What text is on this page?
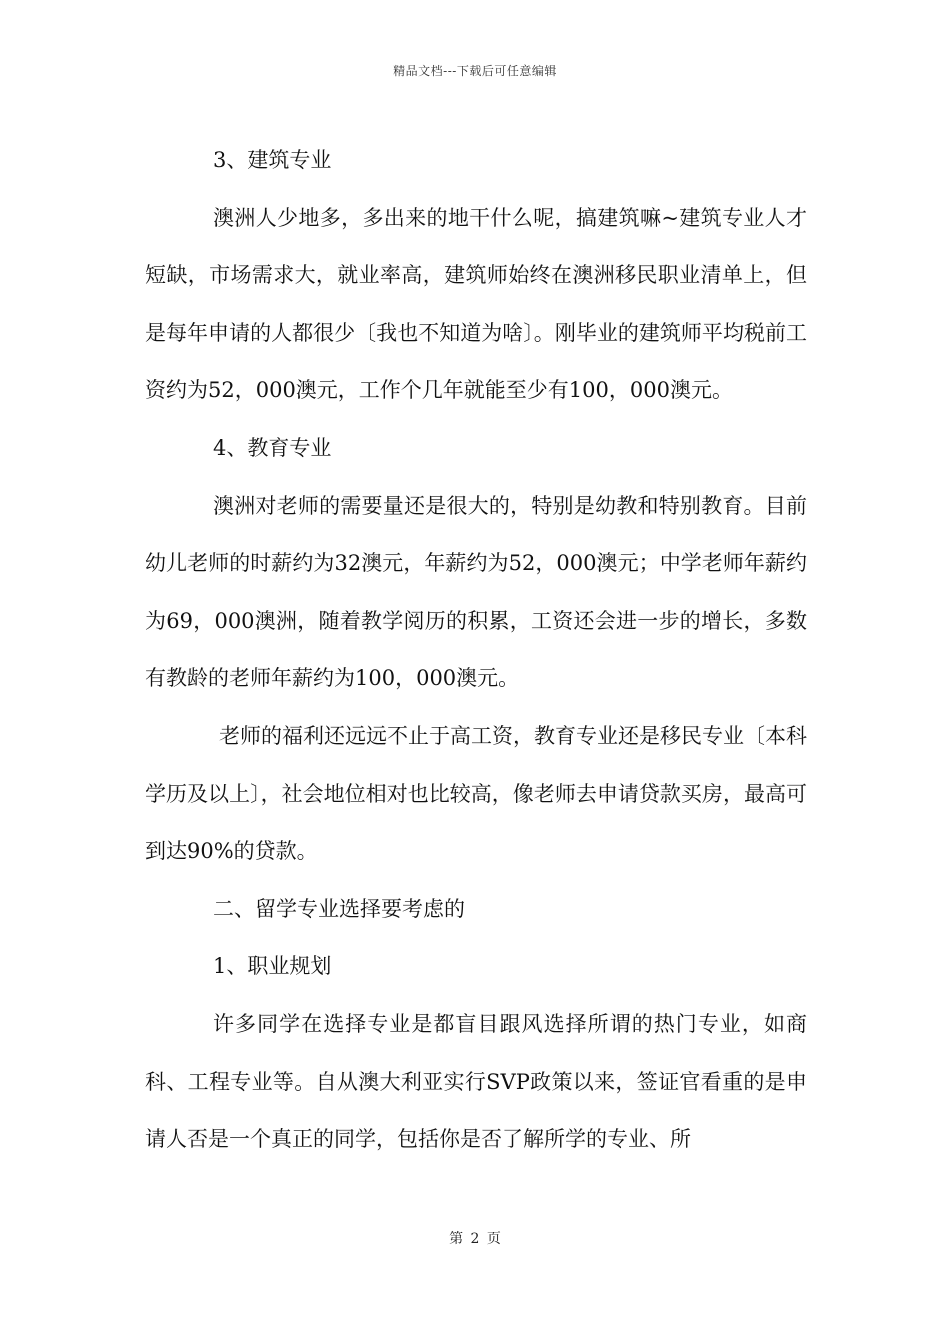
精品文档---下载后可任意编辑

3、建筑专业

澳洲人少地多，多出来的地干什么呢，搞建筑嘛~建筑专业人才短缺，市场需求大，就业率高，建筑师始终在澳洲移民职业清单上，但是每年申请的人都很少〔我也不知道为啥〕。刚毕业的建筑师平均税前工资约为52，000澳元，工作个几年就能至少有100，000澳元。

4、教育专业

澳洲对老师的需要量还是很大的，特别是幼教和特别教育。目前幼儿老师的时薪约为32澳元，年薪约为52，000澳元；中学老师年薪约为69，000澳洲，随着教学阅历的积累，工资还会进一步的增长，多数有教龄的老师年薪约为100，000澳元。

老师的福利还远远不止于高工资，教育专业还是移民专业〔本科学历及以上〕，社会地位相对也比较高，像老师去申请贷款买房，最高可到达90%的贷款。

二、留学专业选择要考虑的

1、职业规划

许多同学在选择专业是都盲目跟风选择所谓的热门专业，如商科、工程专业等。自从澳大利亚实行SVP政策以来，签证官看重的是申请人否是一个真正的同学，包括你是否了解所学的专业、所

第 2 页
